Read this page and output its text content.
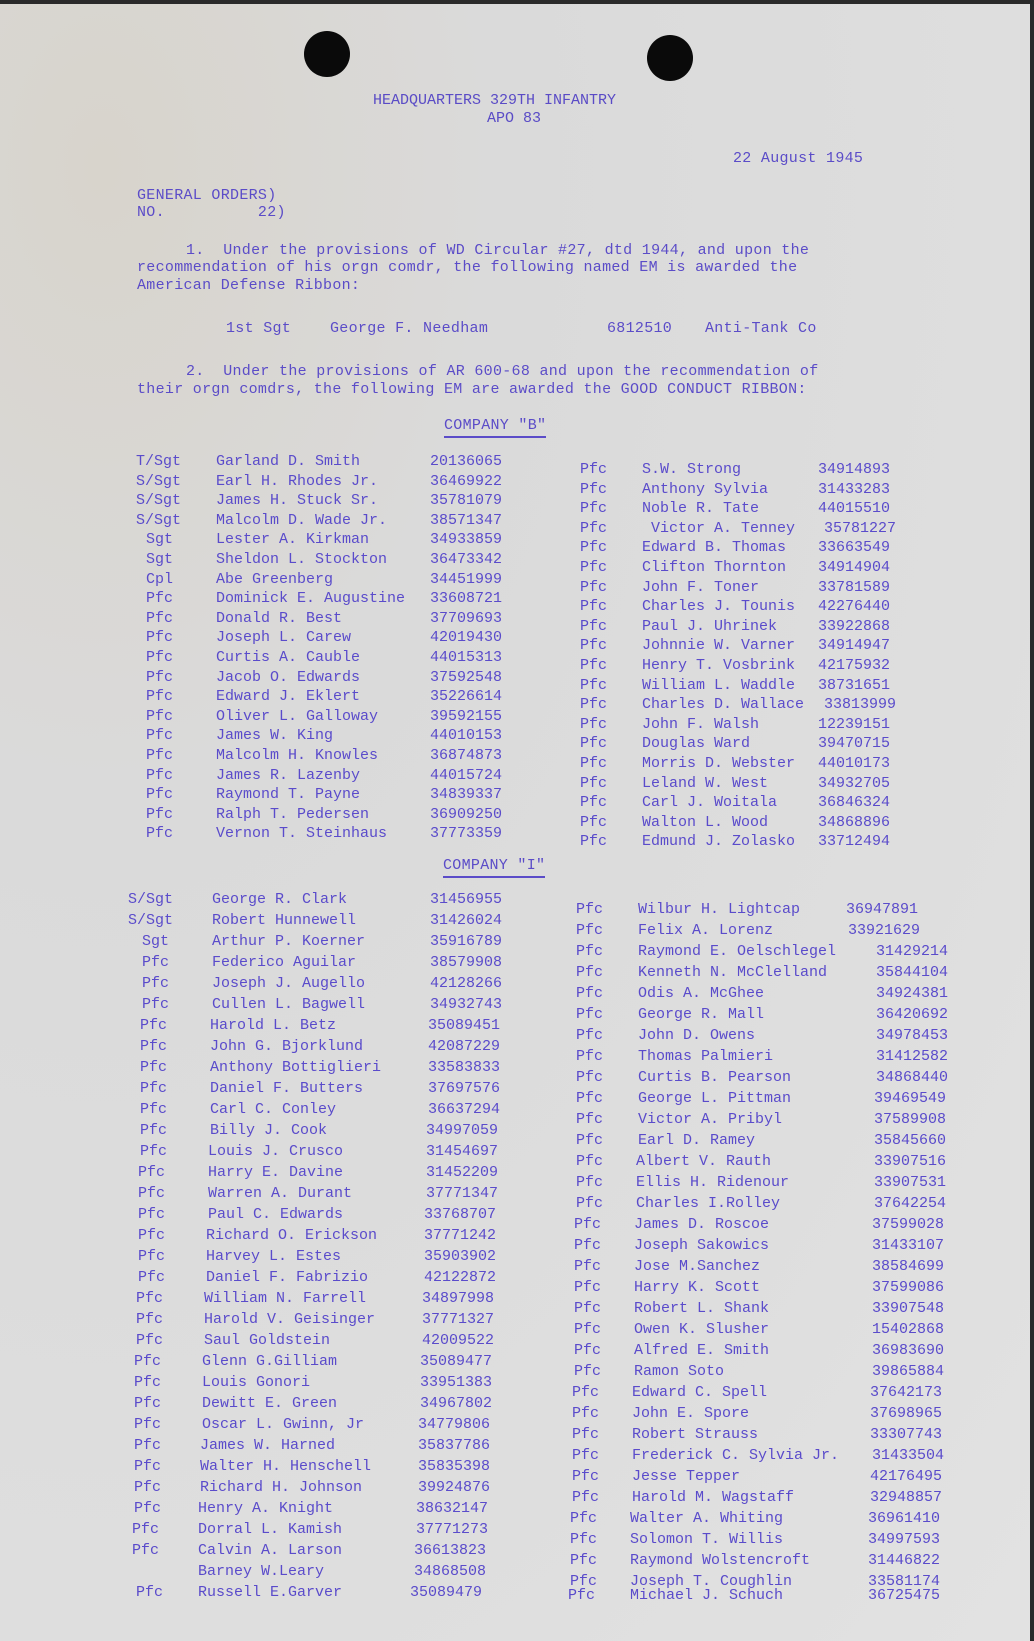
HEADQUARTERS 329TH INFANTRY
APO 83
22 August 1945
GENERAL ORDERS)
NO.          22)
1.  Under the provisions of WD Circular #27, dtd 1944, and upon the
recommendation of his orgn comdr, the following named EM is awarded the
American Defense Ribbon:
1st Sgt	George F. Needham	6812510 Anti-Tank Co
2.  Under the provisions of AR 600-68 and upon the recommendation of
their orgn comdrs, the following EM are awarded the GOOD CONDUCT RIBBON:
COMPANY "B"
T/Sgt Garland D. Smith	20136065
S/Sgt Earl H. Rhodes Jr.	36469922
S/Sgt James H. Stuck Sr.	35781079
S/Sgt Malcolm D. Wade Jr.	38571347
Sgt	Lester A. Kirkman	34933859
Sgt	Sheldon L. Stockton	36473342
Cpl	Abe Greenberg	34451999
Pfc	Dominick E. Augustine 33608721
Pfc	Donald R. Best	37709693
Pfc	Joseph L. Carew	42019430
Pfc	Curtis A. Cauble	44015313
Pfc	Jacob O. Edwards	37592548
Pfc	Edward J. Eklert	35226614
Pfc	Oliver L. Galloway	39592155
Pfc	James W. King	44010153
Pfc	Malcolm H. Knowles	36874873
Pfc	James R. Lazenby	44015724
Pfc	Raymond T. Payne	34839337
Pfc	Ralph T. Pedersen	36909250
Pfc	Vernon T. Steinhaus	37773359
Pfc S.W. Strong	34914893
Pfc Anthony Sylvia	31433283
Pfc Noble R. Tate	44015510
Pfc Victor A. Tenney 35781227
Pfc Edward B. Thomas 33663549
Pfc Clifton Thornton 34914904
Pfc John F. Toner	33781589
Pfc Charles J. Tounis 42276440
Pfc Paul J. Uhrinek	33922868
Pfc Johnnie W. Varner 34914947
Pfc Henry T. Vosbrink 42175932
Pfc William L. Waddle 38731651
Pfc Charles D. Wallace 33813999
Pfc John F. Walsh	12239151
Pfc Douglas Ward	39470715
Pfc Morris D. Webster 44010173
Pfc Leland W. West	34932705
Pfc Carl J. Woitala	36846324
Pfc Walton L. Wood	34868896
Pfc Edmund J. Zolasko 33712494
COMPANY "I"
S/Sgt	George R. Clark	31456955
S/Sgt	Robert Hunnewell	31426024
Sgt	Arthur P. Koerner	35916789
Pfc	Federico Aguilar	38579908
Pfc	Joseph J. Augello	42128266
Pfc	Cullen L. Bagwell	34932743
Pfc	Harold L. Betz	35089451
Pfc	John G. Bjorklund	42087229
Pfc	Anthony Bottiglieri	33583833
Pfc	Daniel F. Butters	37697576
Pfc	Carl C. Conley	36637294
Pfc	Billy J. Cook	34997059
Pfc	Louis J. Crusco	31454697
Pfc	Harry E. Davine	31452209
Pfc	Warren A. Durant	37771347
Pfc	Paul C. Edwards	33768707
Pfc	Richard O. Erickson	37771242
Pfc	Harvey L. Estes	35903902
Pfc	Daniel F. Fabrizio	42122872
Pfc	William N. Farrell	34897998
Pfc	Harold V. Geisinger	37771327
Pfc	Saul Goldstein	42009522
Pfc	Glenn G.Gilliam	35089477
Pfc	Louis Gonori	33951383
Pfc	Dewitt E. Green	34967802
Pfc	Oscar L. Gwinn, Jr	34779806
Pfc	James W. Harned	35837786
Pfc	Walter H. Henschell	35835398
Pfc	Richard H. Johnson	39924876
Pfc Henry A. Knight	38632147
Pfc	Dorral L. Kamish	37771273
Pfc	Calvin A. Larson	36613823
Barney W.Leary	34868508
Pfc Russell E.Garver	35089479
Pfc Wilbur H. Lightcap	36947891
Pfc Felix A. Lorenz	33921629
Pfc Raymond E. Oelschlegel	31429214
Pfc Kenneth N. McClelland	35844104
Pfc Odis A. McGhee	34924381
Pfc George R. Mall	36420692
Pfc John D. Owens	34978453
Pfc Thomas Palmieri	31412582
Pfc Curtis B. Pearson	34868440
Pfc George L. Pittman	39469549
Pfc Victor A. Pribyl	37589908
Pfc Earl D. Ramey	35845660
Pfc Albert V. Rauth	33907516
Pfc Ellis H. Ridenour	33907531
Pfc Charles I.Rolley	37642254
Pfc James D. Roscoe	37599028
Pfc Joseph Sakowics	31433107
Pfc Jose M.Sanchez	38584699
Pfc Harry K. Scott	37599086
Pfc Robert L. Shank	33907548
Pfc Owen K. Slusher	15402868
Pfc Alfred E. Smith	36983690
Pfc Ramon Soto	39865884
Pfc Edward C. Spell	37642173
Pfc John E. Spore	37698965
Pfc Robert Strauss	33307743
Pfc Frederick C. Sylvia Jr. 31433504
Pfc Jesse Tepper	42176495
Pfc Harold M. Wagstaff	32948857
Pfc Walter A. Whiting	36961410
Pfc Solomon T. Willis	34997593
Pfc Raymond Wolstencroft	31446822
Pfc Joseph T. Coughlin	33581174
Pfc Michael J. Schuch	36725475
